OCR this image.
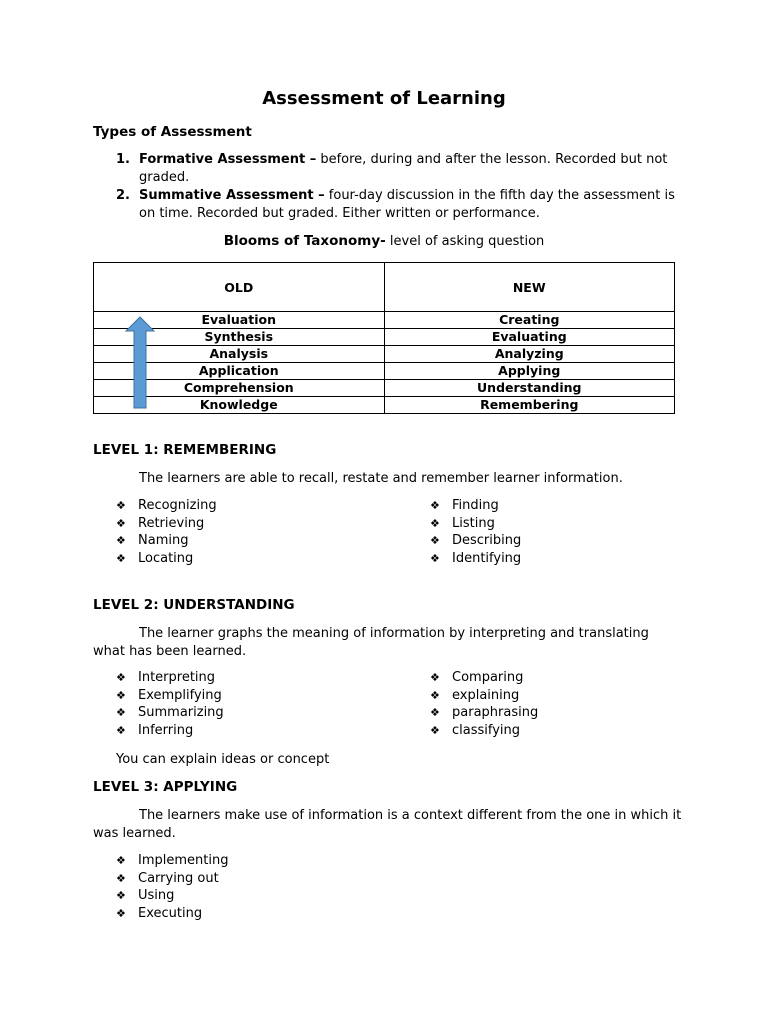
Assessment of Learning
Types of Assessment
1. Formative Assessment – before, during and after the lesson. Recorded but not graded.
2. Summative Assessment – four-day discussion in the fifth day the assessment is on time. Recorded but graded. Either written or performance.
Blooms of Taxonomy- level of asking question
OLD	NEW
Evaluation	Creating
Synthesis	Evaluating
Analysis	Analyzing
Application	Applying
Comprehension	Understanding
Knowledge	Remembering
LEVEL 1: REMEMBERING

The learners are able to recall, restate and remember learner information.

❖ Recognizing
❖ Retrieving
❖ Naming
❖ Locating
❖ Finding
❖ Listing
❖ Describing
❖ Identifying
LEVEL 2: UNDERSTANDING

The learner graphs the meaning of information by interpreting and translating what has been learned.

❖ Interpreting
❖ Exemplifying
❖ Summarizing
❖ Inferring
❖ Comparing
❖ explaining
❖ paraphrasing
❖ classifying

You can explain ideas or concept

LEVEL 3: APPLYING

The learners make use of information is a context different from the one in which it was learned.

❖ Implementing
❖ Carrying out
❖ Using
❖ Executing
